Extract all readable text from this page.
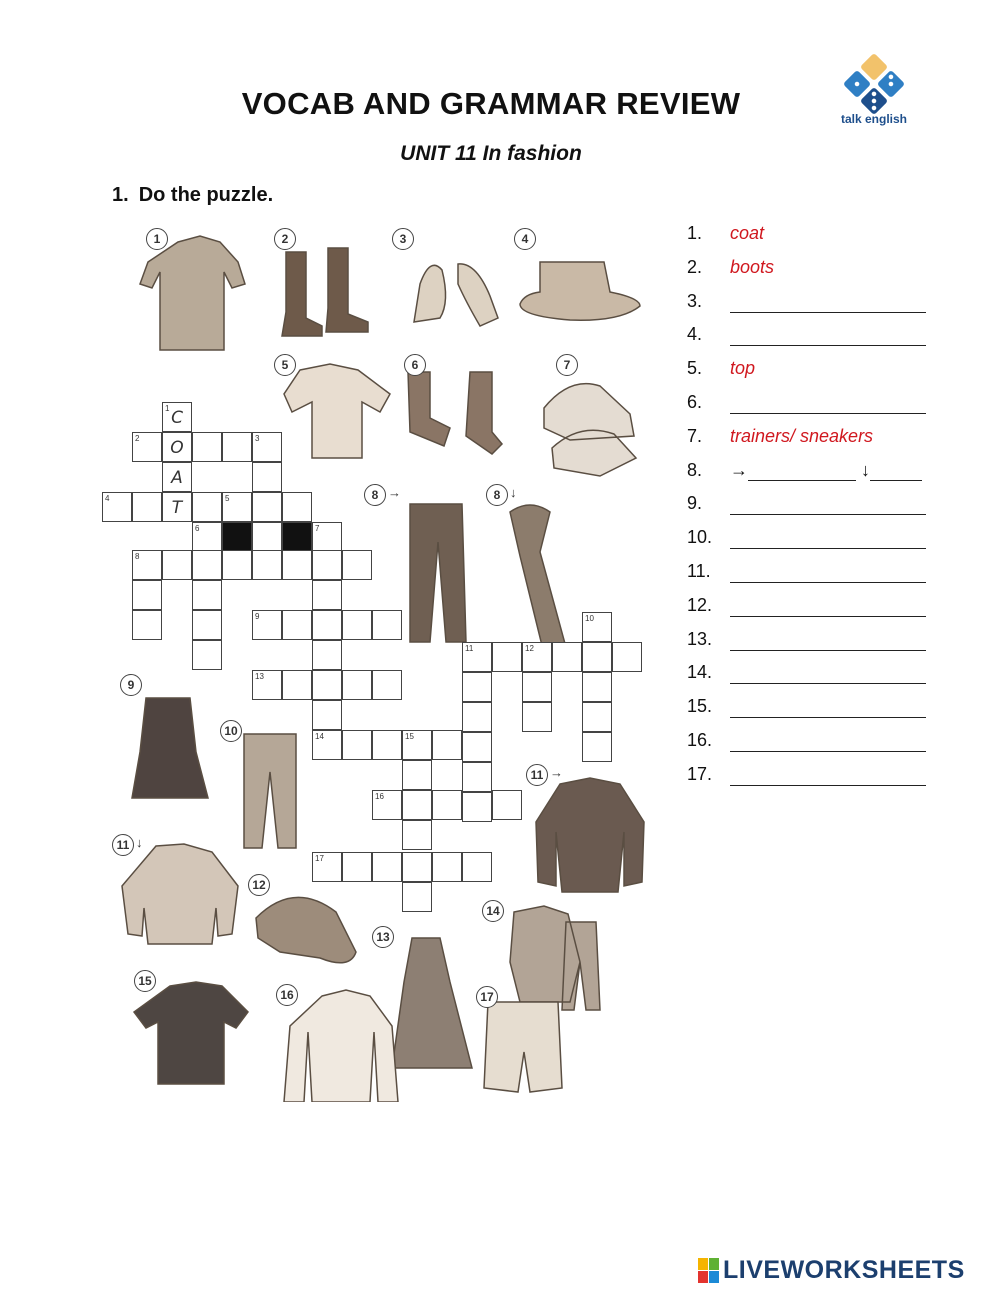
VOCAB AND GRAMMAR REVIEW
UNIT 11 In fashion
1. Do the puzzle.
talk english
1. coat
2. boots
3.
4.
5. top
6.
7. trainers/ sneakers
8. →	↓
9.
10.
11.
12.
13.
14.
15.
16.
17.
1	2	3	4
5	6	7
8 →	8 ↓
9
10
11 →
11 ↓
12
13
14
15
16	17
1 C
2	O	3
A
4	T	5
6	7
8
9
13
14	15
16
17
11	12
10
LIVEWORKSHEETS
